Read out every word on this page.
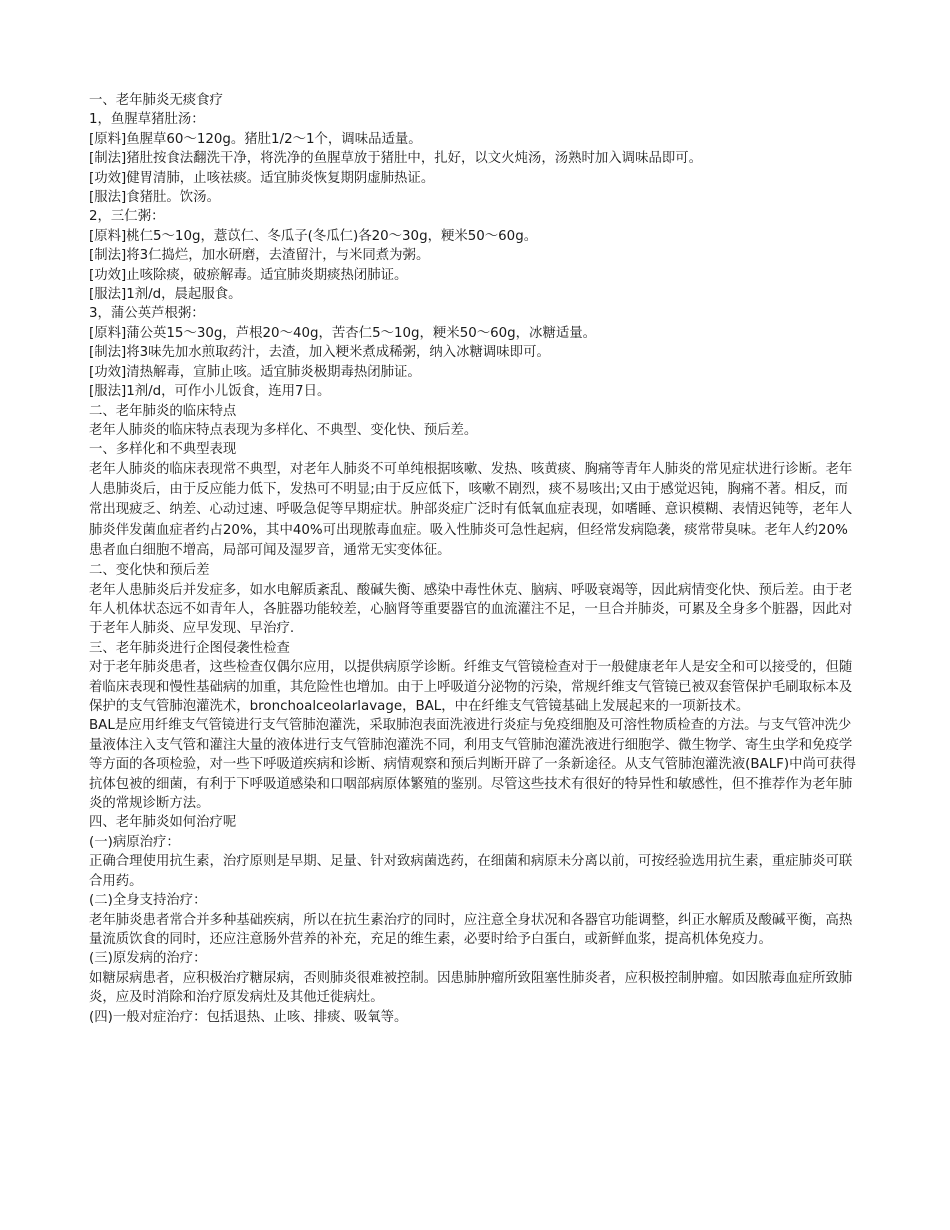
一、老年肺炎无痰食疗

1，鱼腥草猪肚汤：

[原料]鱼腥草60～120g。猪肚1/2～1个，调味品适量。

[制法]猪肚按食法翻洗干净，将洗净的鱼腥草放于猪肚中，扎好，以文火炖汤，汤熟时加入调味品即可。

[功效]健胃清肺，止咳祛痰。适宜肺炎恢复期阴虚肺热证。

[服法]食猪肚。饮汤。

2，三仁粥：

[原料]桃仁5～10g，薏苡仁、冬瓜子(冬瓜仁)各20～30g，粳米50～60g。

[制法]将3仁捣烂，加水研磨，去渣留汁，与米同煮为粥。

[功效]止咳除痰，破瘀解毒。适宜肺炎期痰热闭肺证。

[服法]1剂/d，晨起服食。

3，蒲公英芦根粥：

[原料]蒲公英15～30g，芦根20～40g，苦杏仁5～10g，粳米50～60g，冰糖适量。

[制法]将3味先加水煎取药汁，去渣，加入粳米煮成稀粥，纳入冰糖调味即可。

[功效]清热解毒，宣肺止咳。适宜肺炎极期毒热闭肺证。

[服法]1剂/d，可作小儿饭食，连用7日。

二、老年肺炎的临床特点

老年人肺炎的临床特点表现为多样化、不典型、变化快、预后差。

一、多样化和不典型表现

老年人肺炎的临床表现常不典型，对老年人肺炎不可单纯根据咳嗽、发热、咳黄痰、胸痛等青年人肺炎的常见症状进行诊断。老年人患肺炎后，由于反应能力低下，发热可不明显;由于反应低下，咳嗽不剧烈，痰不易咳出;又由于感觉迟钝，胸痛不著。相反，而常出现疲乏、纳差、心动过速、呼吸急促等早期症状。肿部炎症广泛时有低氧血症表现，如嗜睡、意识模糊、表情迟钝等，老年人肺炎伴发菌血症者约占20%，其中40%可出现脓毒血症。吸入性肺炎可急性起病，但经常发病隐袭，痰常带臭味。老年人约20%患者血白细胞不增高，局部可闻及湿罗音，通常无实变体征。

二、变化快和预后差

老年人患肺炎后并发症多，如水电解质紊乱、酸碱失衡、感染中毒性休克、脑病、呼吸衰竭等，因此病情变化快、预后差。由于老年人机体状态远不如青年人，各脏器功能较差，心脑肾等重要器官的血流灌注不足，一旦合并肺炎，可累及全身多个脏器，因此对于老年人肺炎、应早发现、早治疗.

三、老年肺炎进行企图侵袭性检查

对于老年肺炎患者，这些检查仅偶尔应用，以提供病原学诊断。纤维支气管镜检查对于一般健康老年人是安全和可以接受的，但随着临床表现和慢性基础病的加重，其危险性也增加。由于上呼吸道分泌物的污染，常规纤维支气管镜已被双套管保护毛刷取标本及保护的支气管肺泡灌洗术，bronchoalceolarlavage，BAL，中在纤维支气管镜基础上发展起来的一项新技术。

BAL是应用纤维支气管镜进行支气管肺泡灌洗，采取肺泡表面洗液进行炎症与免疫细胞及可溶性物质检查的方法。与支气管冲洗少量液体注入支气管和灌注大量的液体进行支气管肺泡灌洗不同，利用支气管肺泡灌洗液进行细胞学、微生物学、寄生虫学和免疫学等方面的各项检验，对一些下呼吸道疾病和诊断、病情观察和预后判断开辟了一条新途径。从支气管肺泡灌洗液(BALF)中尚可获得抗体包被的细菌，有利于下呼吸道感染和口咽部病原体繁殖的鉴别。尽管这些技术有很好的特异性和敏感性，但不推荐作为老年肺炎的常规诊断方法。

四、老年肺炎如何治疗呢

(一)病原治疗：

正确合理使用抗生素，治疗原则是早期、足量、针对致病菌选药，在细菌和病原未分离以前，可按经验选用抗生素，重症肺炎可联合用药。

(二)全身支持治疗：

老年肺炎患者常合并多种基础疾病，所以在抗生素治疗的同时，应注意全身状况和各器官功能调整，纠正水解质及酸碱平衡，高热量流质饮食的同时，还应注意肠外营养的补充，充足的维生素，必要时给予白蛋白，或新鲜血浆，提高机体免疫力。

(三)原发病的治疗：

如糖尿病患者，应积极治疗糖尿病，否则肺炎很难被控制。因患肺肿瘤所致阻塞性肺炎者，应积极控制肿瘤。如因脓毒血症所致肺炎，应及时消除和治疗原发病灶及其他迁徙病灶。

(四)一般对症治疗：包括退热、止咳、排痰、吸氧等。
